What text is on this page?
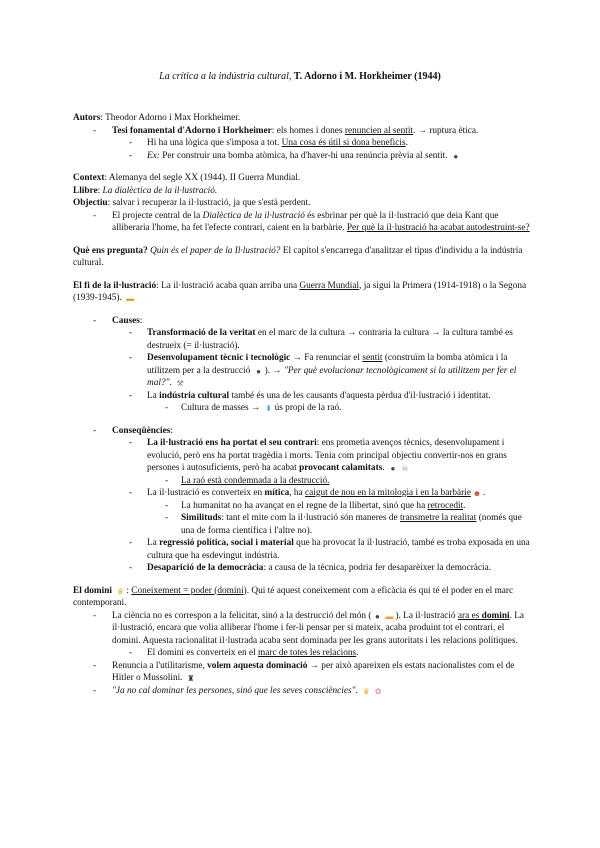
La crítica a la indústria cultural, T. Adorno i M. Horkheimer (1944)
Autors: Theodor Adorno i Max Horkheimer.
- Tesi fonamental d'Adorno i Horkheimer: els homes i dones renuncien al sentit. → ruptura ètica.
- Hi ha una lògica que s'imposa a tot. Una cosa és útil si dona beneficis.
- Ex: Per construir una bomba atòmica, ha d'haver-hi una renúncia prèvia al sentit. ●
Context: Alemanya del segle XX (1944). II Guerra Mundial.
Llibre: La dialèctica de la il·lustració.
Objectiu: salvar i recuperar la il·lustració, ja que s'està perdent.
- El projecte central de la Dialèctica de la il·lustració és esbrinar per què la il·lustració que deia Kant que alliberaria l'home, ha fet l'efecte contrari, caient en la barbàrie. Per què la il·lustració ha acabat autodestruint-se?
Què ens pregunta? Quin és el paper de la Il·lustració? El capítol s'encarrega d'analitzar el tipus d'individu a la indústria cultural.
El fi de la il·lustració: La il·lustració acaba quan arriba una Guerra Mundial, ja sigui la Primera (1914-1918) o la Segona (1939-1945). ▬
- Causes:
- Transformació de la veritat en el marc de la cultura → contraria la cultura → la cultura també es destrueix (= il·lustració).
- Desenvolupament tècnic i tecnològic → Fa renunciar el sentit (construïm la bomba atòmica i la utilitzem per a la destrucció ● ). → "Per què evolucionar tecnològicament si la utilitzem per fer el mal?". ⚒
- La indústria cultural també és una de les causants d'aquesta pèrdua d'il·lustració i identitat.
- Cultura de masses → ⬇ ús propi de la raó.
- Conseqüències:
- La il·lustració ens ha portat el seu contrari: ens prometia avenços tècnics, desenvolupament i evolució, però ens ha portat tragèdia i morts. Tenia com principal objectiu convertir-nos en grans persones i autosuficients, però ha acabat provocant calamitats. ● ☠
- La raó està condemnada a la destrucció.
- La il·lustració es converteix en mítica, ha caigut de nou en la mitologia i en la barbàrie ☻ .
- La humanitat no ha avançat en el regne de la llibertat, sinó que ha retrocedit.
- Similituds: tant el mite com la il·lustració són maneres de transmetre la realitat (només que una de forma científica i l'altre no).
- La regressió política, social i material que ha provocat la il·lustració, també es troba exposada en una cultura que ha esdevingut indústria.
- Desaparició de la democràcia: a causa de la tècnica, podria fer desaparèixer la democràcia.
El domini ♛ : Coneixement = poder (domini). Qui té aquest coneixement com a eficàcia és qui té el poder en el marc contemporani.
- La ciència no es correspon a la felicitat, sinó a la destrucció del món ( ● ▬ ). La il·lustració ara es domini. La il·lustració, encara que volia alliberar l'home i fer-li pensar per si mateix, acaba produint tot el contrari, el domini. Aquesta racionalitat il·lustrada acaba sent dominada per les grans autoritats i les relacions polítiques.
- El domini es converteix en el marc de totes les relacions.
- Renuncia a l'utilitarisme, volem aquesta dominació → per això apareixen els estats nacionalistes com el de Hitler o Mussolini. ♜
- "Ja no cal dominar les persones, sinó que les seves consciències". ♛ ✿
